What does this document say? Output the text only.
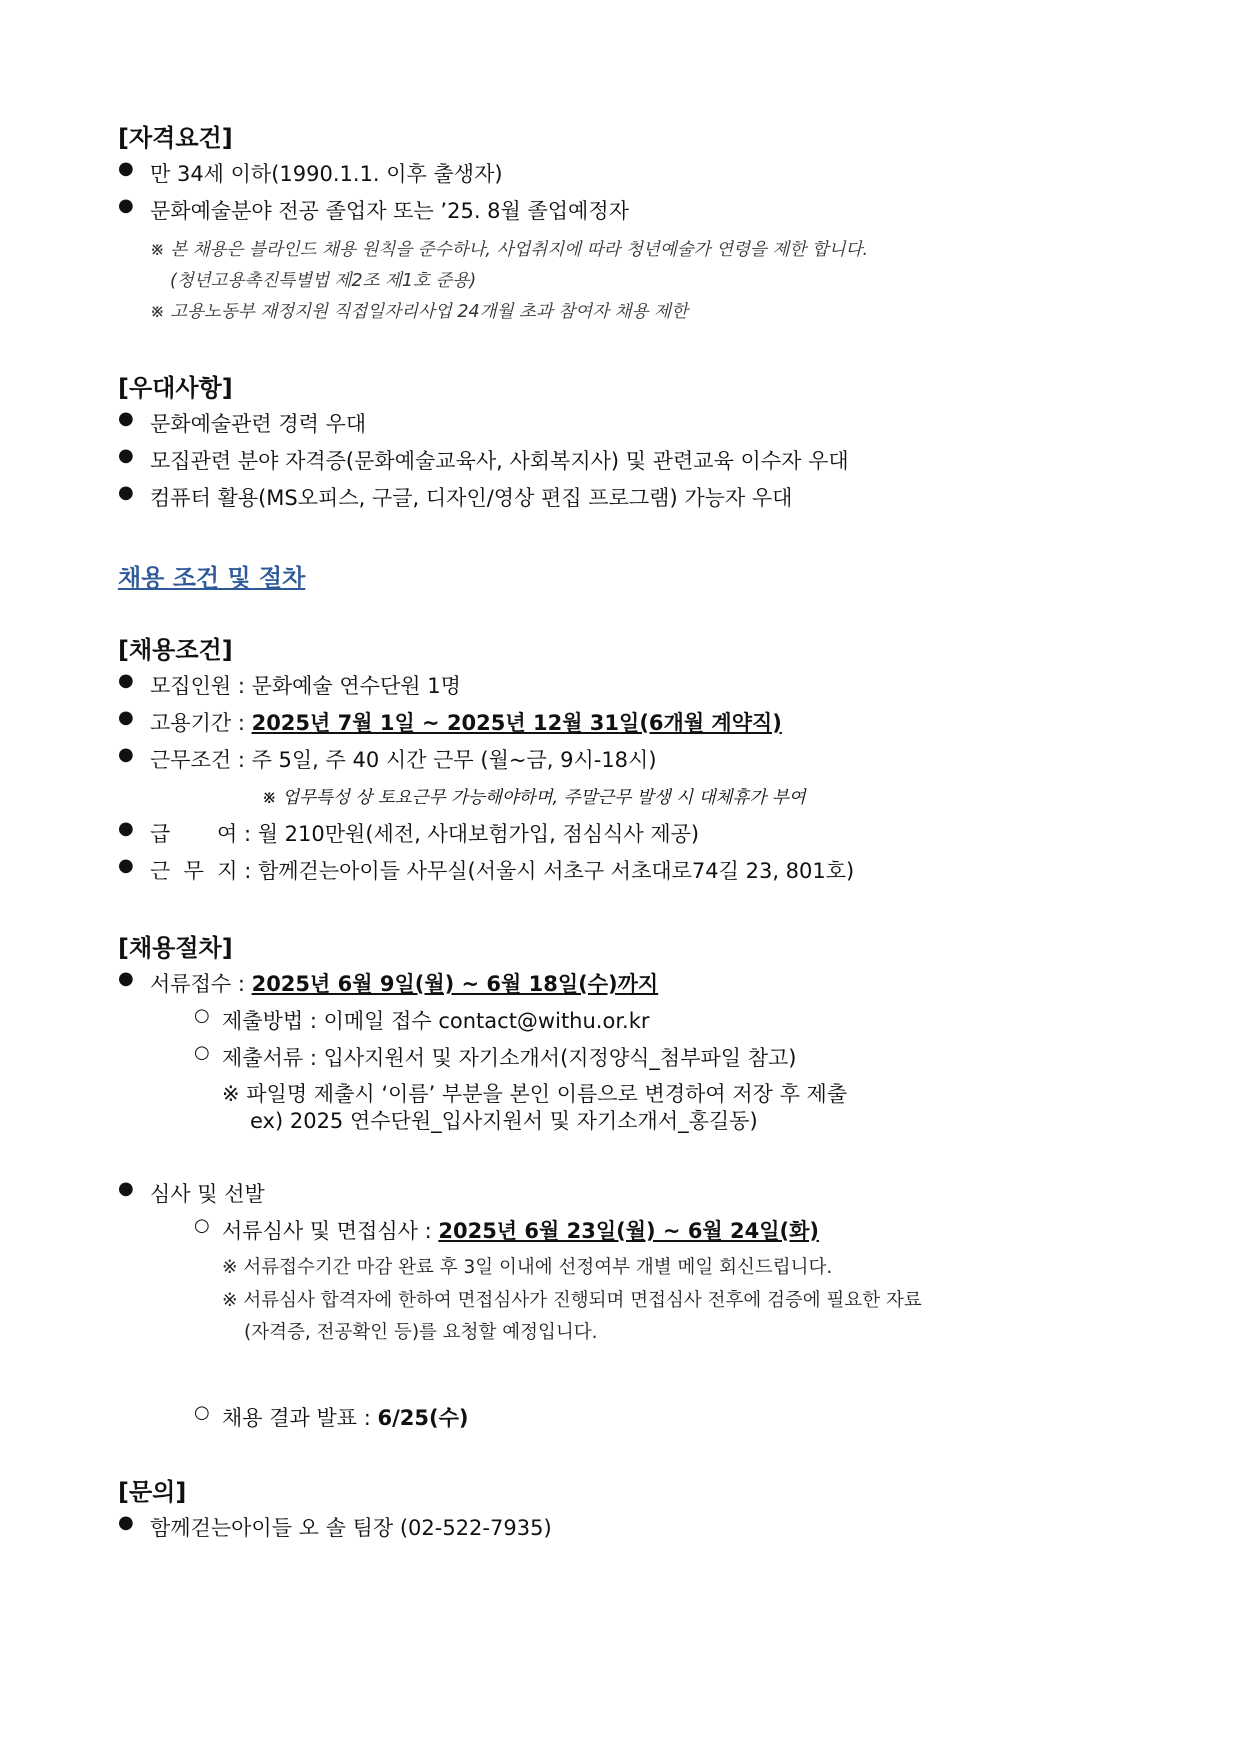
[자격요건]
● 만 34세 이하(1990.1.1. 이후 출생자)
● 문화예술분야 전공 졸업자 또는 ’25. 8월 졸업예정자
※ 본 채용은 블라인드 채용 원칙을 준수하나, 사업취지에 따라 청년예술가 연령을 제한 합니다.
(청년고용촉진특별법 제2조 제1호 준용)
※ 고용노동부 재정지원 직접일자리사업 24개월 초과 참여자 채용 제한
[우대사항]
● 문화예술관련 경력 우대
● 모집관련 분야 자격증(문화예술교육사, 사회복지사) 및 관련교육 이수자 우대
● 컴퓨터 활용(MS오피스, 구글, 디자인/영상 편집 프로그램) 가능자 우대
채용 조건 및 절차
[채용조건]
● 모집인원 : 문화예술 연수단원 1명
● 고용기간 : 2025년 7월 1일 ~ 2025년 12월 31일(6개월 계약직)
● 근무조건 : 주 5일, 주 40 시간 근무 (월~금, 9시-18시)
※ 업무특성 상 토요근무 가능해야하며, 주말근무 발생 시 대체휴가 부여
● 급       여 : 월 210만원(세전, 사대보험가입, 점심식사 제공)
● 근  무  지 : 함께걷는아이들 사무실(서울시 서초구 서초대로74길 23, 801호)
[채용절차]
● 서류접수 : 2025년 6월 9일(월) ~ 6월 18일(수)까지
○ 제출방법 : 이메일 접수 contact@withu.or.kr
○ 제출서류 : 입사지원서 및 자기소개서(지정양식_첨부파일 참고)
※ 파일명 제출시 ‘이름’ 부분을 본인 이름으로 변경하여 저장 후 제출
ex) 2025 연수단원_입사지원서 및 자기소개서_홍길동)
● 심사 및 선발
○ 서류심사 및 면접심사 : 2025년 6월 23일(월) ~ 6월 24일(화)
※ 서류접수기간 마감 완료 후 3일 이내에 선정여부 개별 메일 회신드립니다.
※ 서류심사 합격자에 한하여 면접심사가 진행되며 면접심사 전후에 검증에 필요한 자료
(자격증, 전공확인 등)를 요청할 예정입니다.
○ 채용 결과 발표 : 6/25(수)
[문의]
● 함께걷는아이들 오 솔 팀장 (02-522-7935)
